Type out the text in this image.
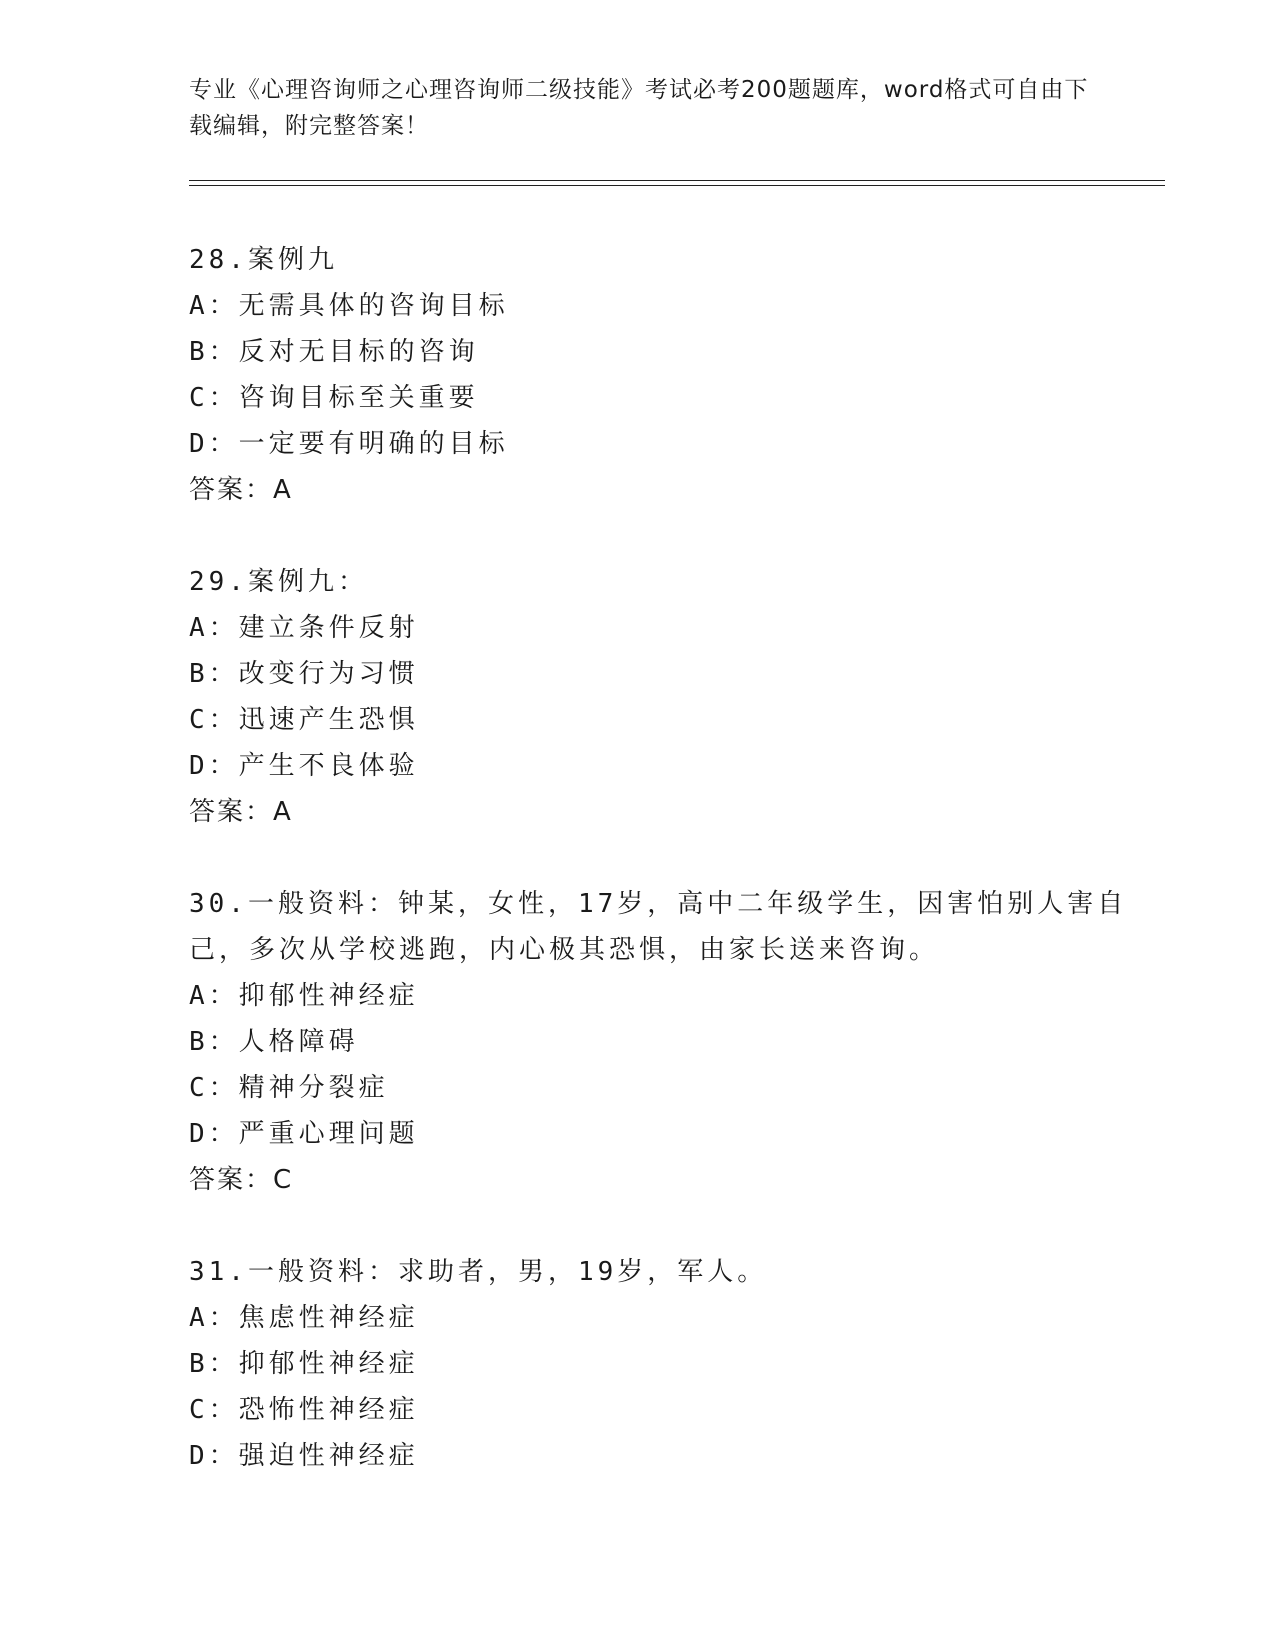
专业《心理咨询师之心理咨询师二级技能》考试必考200题题库，word格式可自由下载编辑，附完整答案！
28.案例九
A：无需具体的咨询目标
B：反对无目标的咨询
C：咨询目标至关重要
D：一定要有明确的目标
答案：A
29.案例九：
A：建立条件反射
B：改变行为习惯
C：迅速产生恐惧
D：产生不良体验
答案：A
30.一般资料：钟某，女性，17岁，高中二年级学生，因害怕别人害自己，多次从学校逃跑，内心极其恐惧，由家长送来咨询。
A：抑郁性神经症
B：人格障碍
C：精神分裂症
D：严重心理问题
答案：C
31.一般资料：求助者，男，19岁，军人。
A：焦虑性神经症
B：抑郁性神经症
C：恐怖性神经症
D：强迫性神经症
